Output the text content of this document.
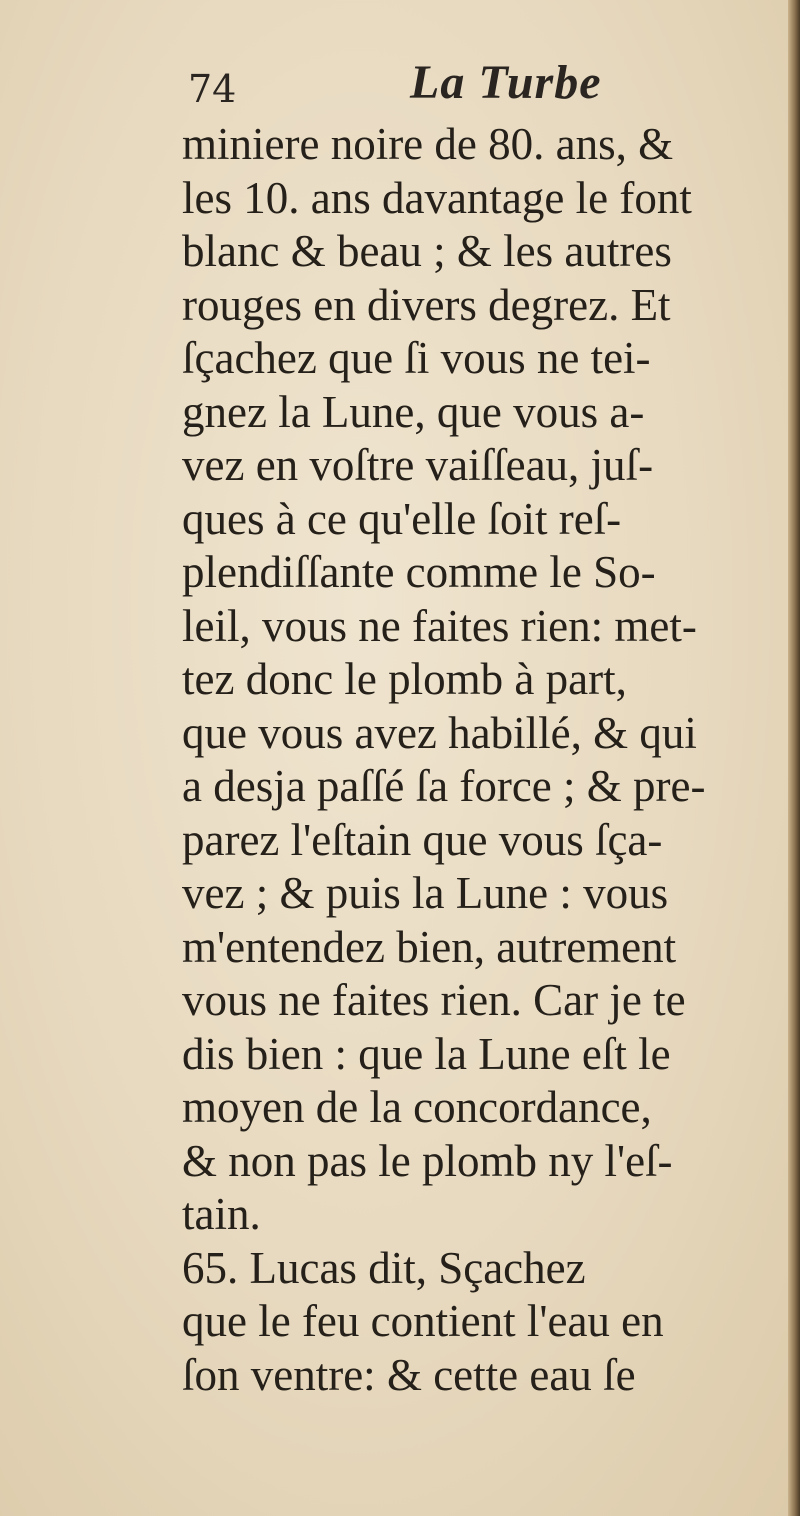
74	La Turbe
miniere noire de 80. ans, &
les 10. ans davantage le font
blanc & beau ; & les autres
rouges en divers degrez. Et
ſçachez que ſi vous ne tei-
gnez la Lune, que vous a-
vez en voſtre vaiſſeau, juſ-
ques à ce qu'elle ſoit reſ-
plendiſſante comme le So-
leil, vous ne faites rien: met-
tez donc le plomb à part,
que vous avez habillé, & qui
a desja paſſé ſa force ; & pre-
parez l'eſtain que vous ſça-
vez ; & puis la Lune : vous
m'entendez bien, autrement
vous ne faites rien. Car je te
dis bien : que la Lune eſt le
moyen de la concordance,
& non pas le plomb ny l'eſ-
tain.
65. Lucas dit, Sçachez
que le feu contient l'eau en
ſon ventre: & cette eau ſe
